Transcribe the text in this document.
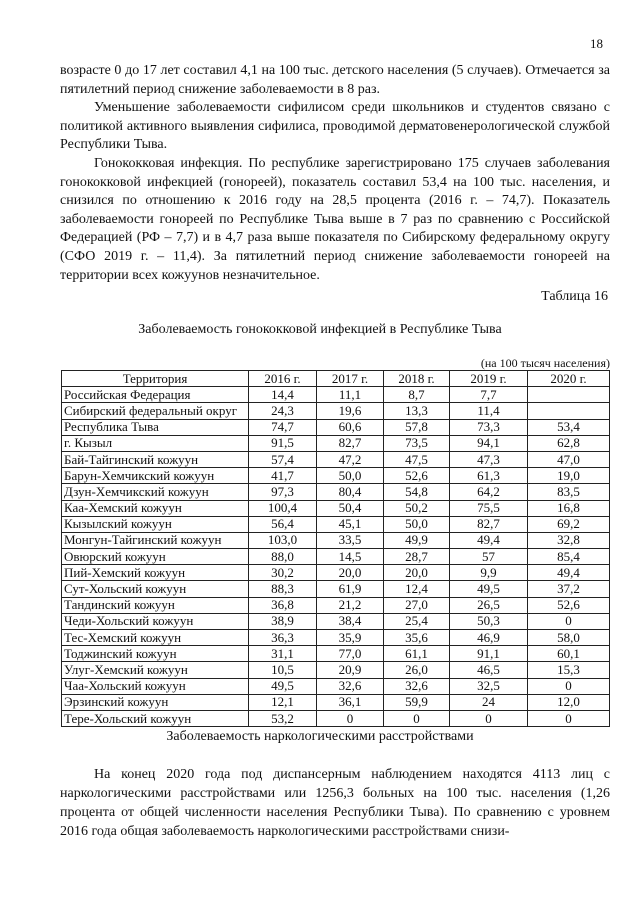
18

возрасте 0 до 17 лет составил 4,1 на 100 тыс. детского населения (5 случаев). Отмечается за пятилетний период снижение заболеваемости в 8 раз.

Уменьшение заболеваемости сифилисом среди школьников и студентов связано с политикой активного выявления сифилиса, проводимой дерматовенерологической службой Республики Тыва.

Гонококковая инфекция. По республике зарегистрировано 175 случаев заболевания гонококковой инфекцией (гонореей), показатель составил 53,4 на 100 тыс. населения, и снизился по отношению к 2016 году на 28,5 процента (2016 г. – 74,7). Показатель заболеваемости гонореей по Республике Тыва выше в 7 раз по сравнению с Российской Федерацией (РФ – 7,7) и в 4,7 раза выше показателя по Сибирскому федеральному округу (СФО 2019 г. – 11,4). За пятилетний период снижение заболеваемости гонореей на территории всех кожуунов незначительное.

Таблица 16
Заболеваемость гонококковой инфекцией в Республике Тыва
(на 100 тысяч населения)
Территория	2016 г.	2017 г.	2018 г.	2019 г.	2020 г.
Российская Федерация	14,4	11,1	8,7	7,7	
Сибирский федеральный округ	24,3	19,6	13,3	11,4	
Республика Тыва	74,7	60,6	57,8	73,3	53,4
г. Кызыл	91,5	82,7	73,5	94,1	62,8
Бай-Тайгинский кожуун	57,4	47,2	47,5	47,3	47,0
Барун-Хемчикский кожуун	41,7	50,0	52,6	61,3	19,0
Дзун-Хемчикский кожуун	97,3	80,4	54,8	64,2	83,5
Каа-Хемский кожуун	100,4	50,4	50,2	75,5	16,8
Кызылский кожуун	56,4	45,1	50,0	82,7	69,2
Монгун-Тайгинский кожуун	103,0	33,5	49,9	49,4	32,8
Овюрский кожуун	88,0	14,5	28,7	57	85,4
Пий-Хемский кожуун	30,2	20,0	20,0	9,9	49,4
Сут-Хольский кожуун	88,3	61,9	12,4	49,5	37,2
Тандинский кожуун	36,8	21,2	27,0	26,5	52,6
Чеди-Хольский кожуун	38,9	38,4	25,4	50,3	0
Тес-Хемский кожуун	36,3	35,9	35,6	46,9	58,0
Тоджинский кожуун	31,1	77,0	61,1	91,1	60,1
Улуг-Хемский кожуун	10,5	20,9	26,0	46,5	15,3
Чаа-Хольский кожуун	49,5	32,6	32,6	32,5	0
Эрзинский кожуун	12,1	36,1	59,9	24	12,0
Тере-Хольский кожуун	53,2	0	0	0	0
Заболеваемость наркологическими расстройствами

На конец 2020 года под диспансерным наблюдением находятся 4113 лиц с наркологическими расстройствами или 1256,3 больных на 100 тыс. населения (1,26 процента от общей численности населения Республики Тыва). По сравнению с уровнем 2016 года общая заболеваемость наркологическими расстройствами снизи-
